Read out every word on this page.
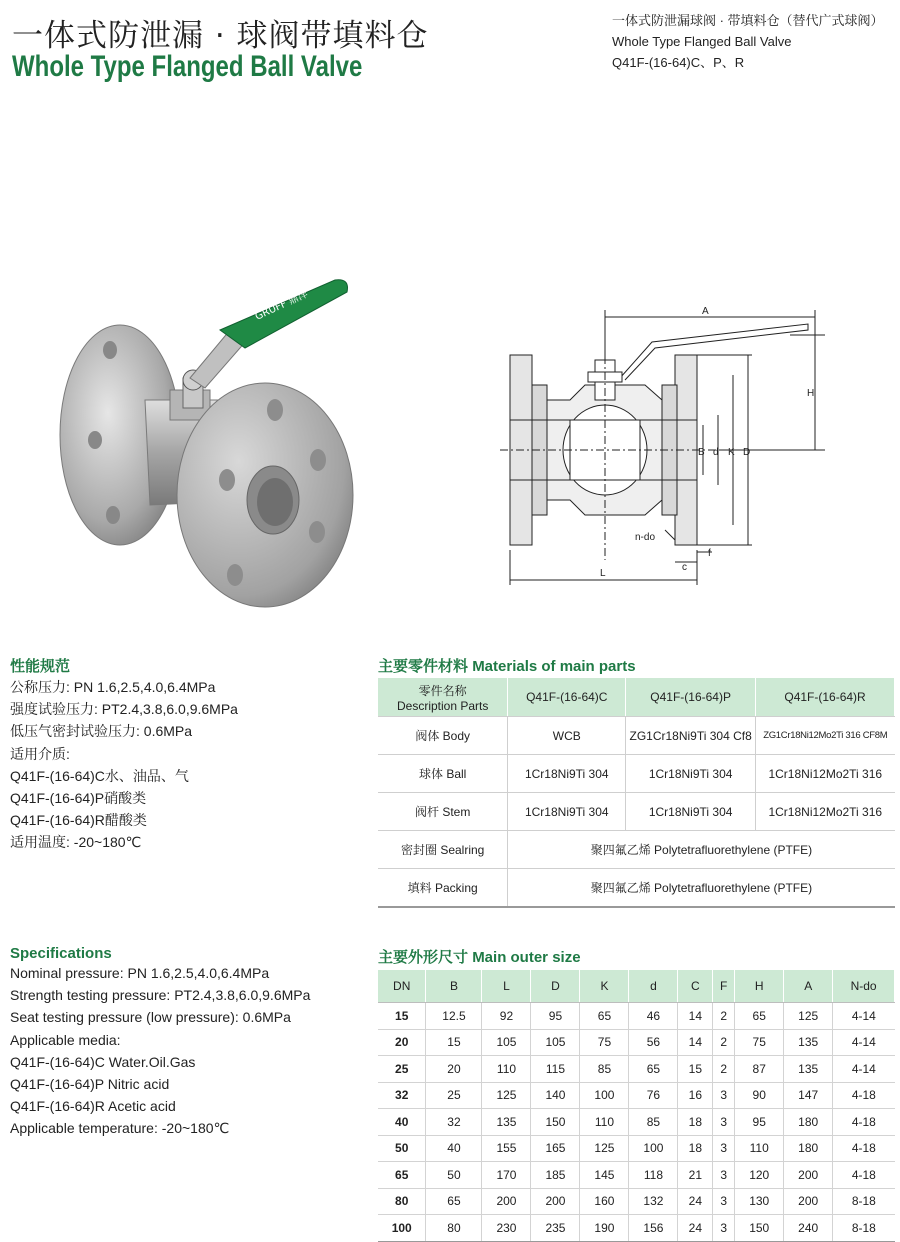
一体式防泄漏 · 球阀带填料仓
Whole Type Flanged Ball Valve
一体式防泄漏球阀 · 带填料仓（替代广式球阀）
Whole Type Flanged Ball Valve
Q41F-(16-64)C、P、R
GRUFF 鼎洋	A
H
B d K D
n-do
f
c
L
性能规范
公称压力: PN 1.6,2.5,4.0,6.4MPa
强度试验压力: PT2.4,3.8,6.0,9.6MPa
低压气密封试验压力: 0.6MPa
适用介质:
Q41F-(16-64)C水、油品、气
Q41F-(16-64)P硝酸类
Q41F-(16-64)R醋酸类
适用温度: -20~180℃
Specifications
Nominal pressure: PN 1.6,2.5,4.0,6.4MPa
Strength testing pressure: PT2.4,3.8,6.0,9.6MPa
Seat testing pressure (low pressure): 0.6MPa
Applicable media:
Q41F-(16-64)C Water.Oil.Gas
Q41F-(16-64)P Nitric acid
Q41F-(16-64)R Acetic acid
Applicable temperature: -20~180℃
主要零件材料 Materials of main parts
零件名称
Description Parts	Q41F-(16-64)C	Q41F-(16-64)P	Q41F-(16-64)R
阀体 Body	WCB	ZG1Cr18Ni9Ti 304 Cf8	ZG1Cr18Ni12Mo2Ti 316 CF8M
球体 Ball	1Cr18Ni9Ti 304	1Cr18Ni9Ti 304	1Cr18Ni12Mo2Ti 316
阀杆 Stem	1Cr18Ni9Ti 304	1Cr18Ni9Ti 304	1Cr18Ni12Mo2Ti 316
密封圈 Sealring	聚四氟乙烯 Polytetrafluorethylene (PTFE)		
填料 Packing	聚四氟乙烯 Polytetrafluorethylene (PTFE)		
主要外形尺寸 Main outer size
DN	B	L	D	K	d	C	F	H	A	N-do
15	12.5	92	95	65	46	14	2	65	125	4-14
20	15	105	105	75	56	14	2	75	135	4-14
25	20	110	115	85	65	15	2	87	135	4-14
32	25	125	140	100	76	16	3	90	147	4-18
40	32	135	150	110	85	18	3	95	180	4-18
50	40	155	165	125	100	18	3	110	180	4-18
65	50	170	185	145	118	21	3	120	200	4-18
80	65	200	200	160	132	24	3	130	200	8-18
100	80	230	235	190	156	24	3	150	240	8-18
